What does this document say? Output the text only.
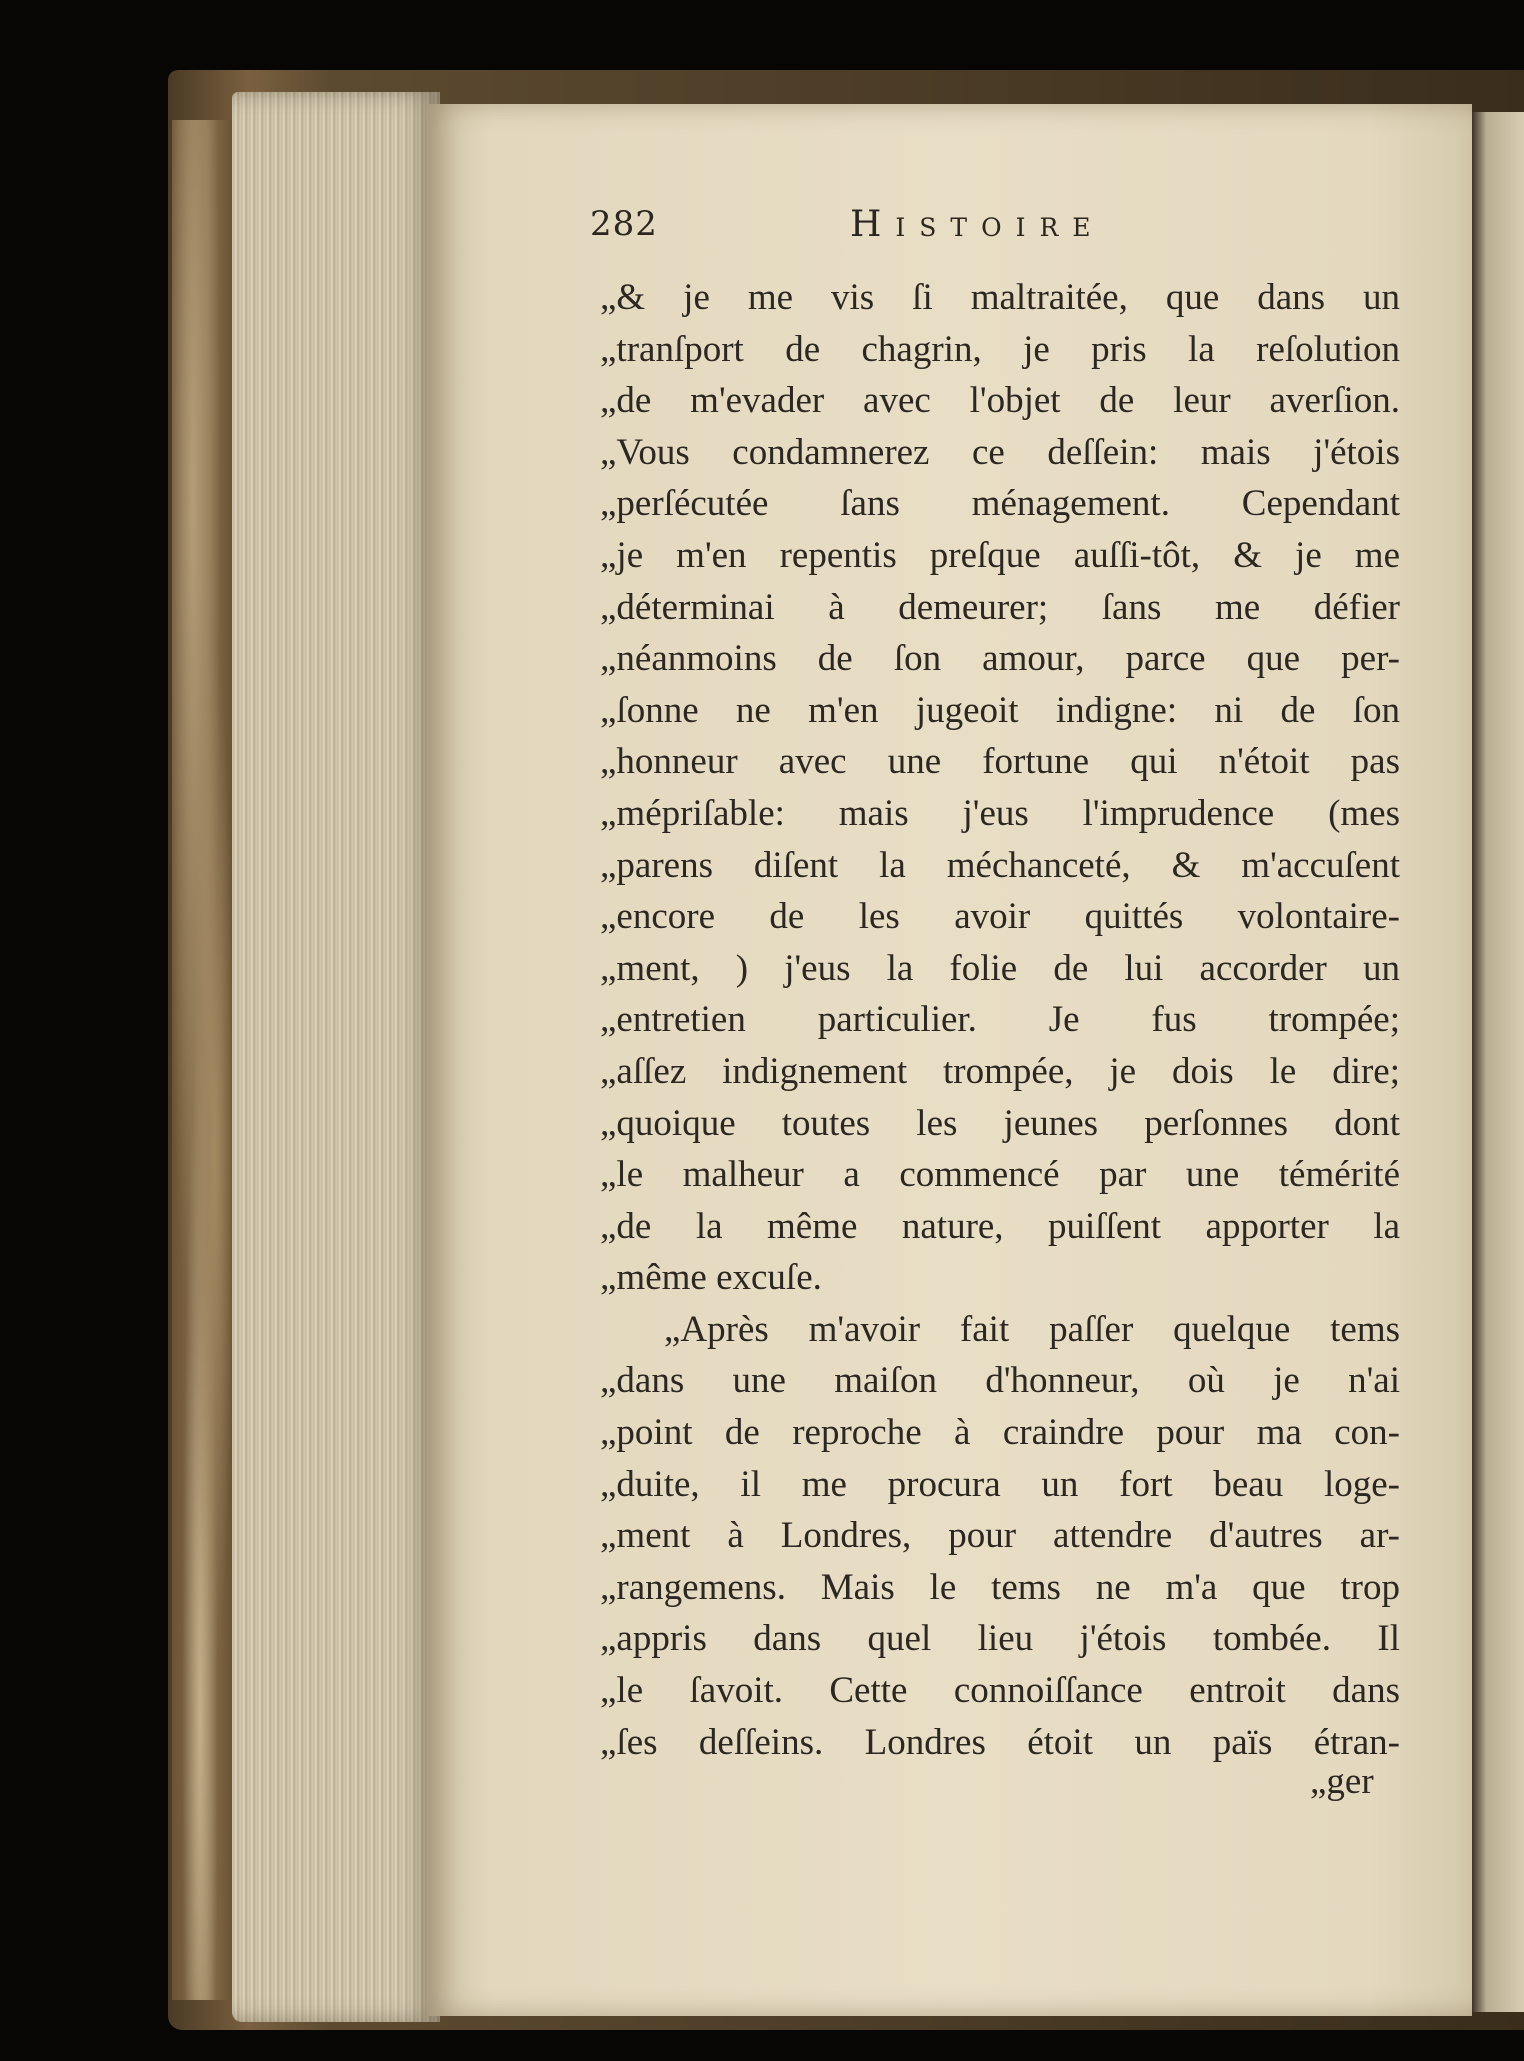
282	Histoire
„& je me vis ſi maltraitée, que dans un
„tranſport de chagrin, je pris la reſolution
„de m'evader avec l'objet de leur averſion.
„Vous condamnerez ce deſſein: mais j'étois
„perſécutée ſans ménagement. Cependant
„je m'en repentis preſque auſſi-tôt, & je me
„déterminai à demeurer; ſans me défier
„néanmoins de ſon amour, parce que per-
„ſonne ne m'en jugeoit indigne: ni de ſon
„honneur avec une fortune qui n'étoit pas
„mépriſable: mais j'eus l'imprudence (mes
„parens diſent la méchanceté, & m'accuſent
„encore de les avoir quittés volontaire-
„ment, ) j'eus la folie de lui accorder un
„entretien particulier. Je fus trompée;
„aſſez indignement trompée, je dois le dire;
„quoique toutes les jeunes perſonnes dont
„le malheur a commencé par une témérité
„de la même nature, puiſſent apporter la
„même excuſe.
„Après m'avoir fait paſſer quelque tems
„dans une maiſon d'honneur, où je n'ai
„point de reproche à craindre pour ma con-
„duite, il me procura un fort beau loge-
„ment à Londres, pour attendre d'autres ar-
„rangemens. Mais le tems ne m'a que trop
„appris dans quel lieu j'étois tombée. Il
„le ſavoit. Cette connoiſſance entroit dans
„ſes deſſeins. Londres étoit un païs étran-
„ger
